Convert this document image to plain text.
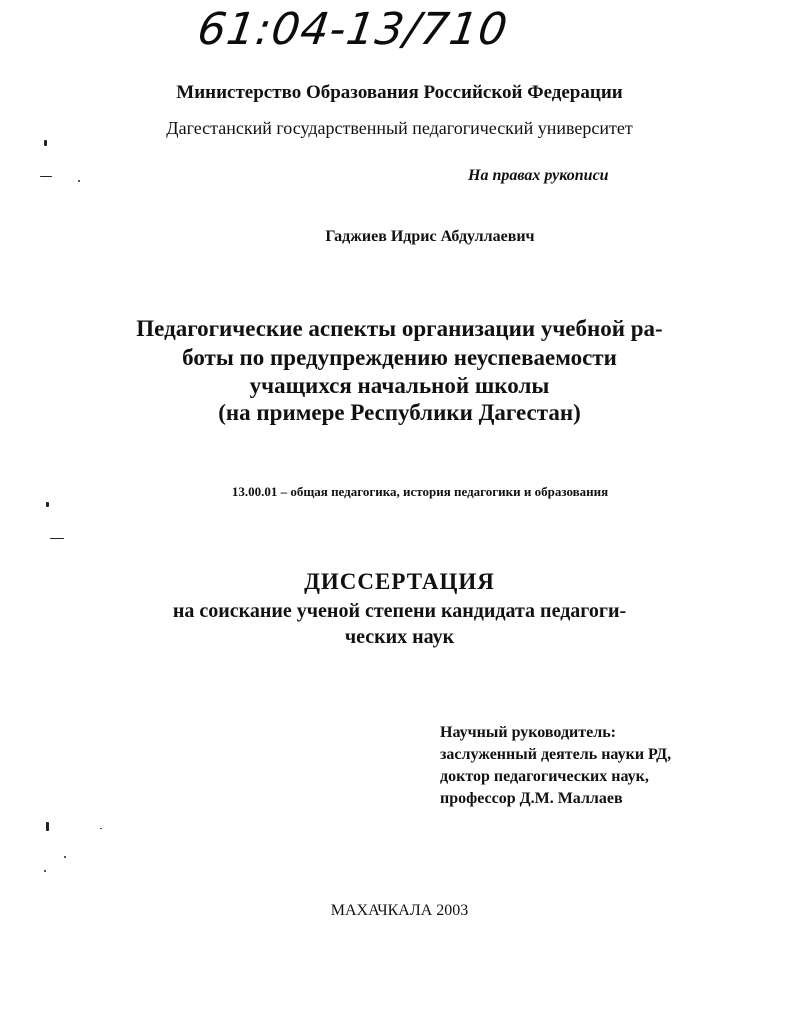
61:04-13/710
Министерство Образования Российской Федерации
Дагестанский государственный педагогический университет
На правах рукописи
Гаджиев Идрис Абдуллаевич
Педагогические аспекты организации учебной ра-
боты по предупреждению неуспеваемости
учащихся начальной школы
(на примере Республики Дагестан)
13.00.01 – общая педагогика, история педагогики и образования
ДИССЕРТАЦИЯ
на соискание ученой степени кандидата педагоги-
ческих наук
Научный руководитель:
заслуженный деятель науки РД,
доктор педагогических наук,
профессор Д.М. Маллаев
МАХАЧКАЛА 2003
